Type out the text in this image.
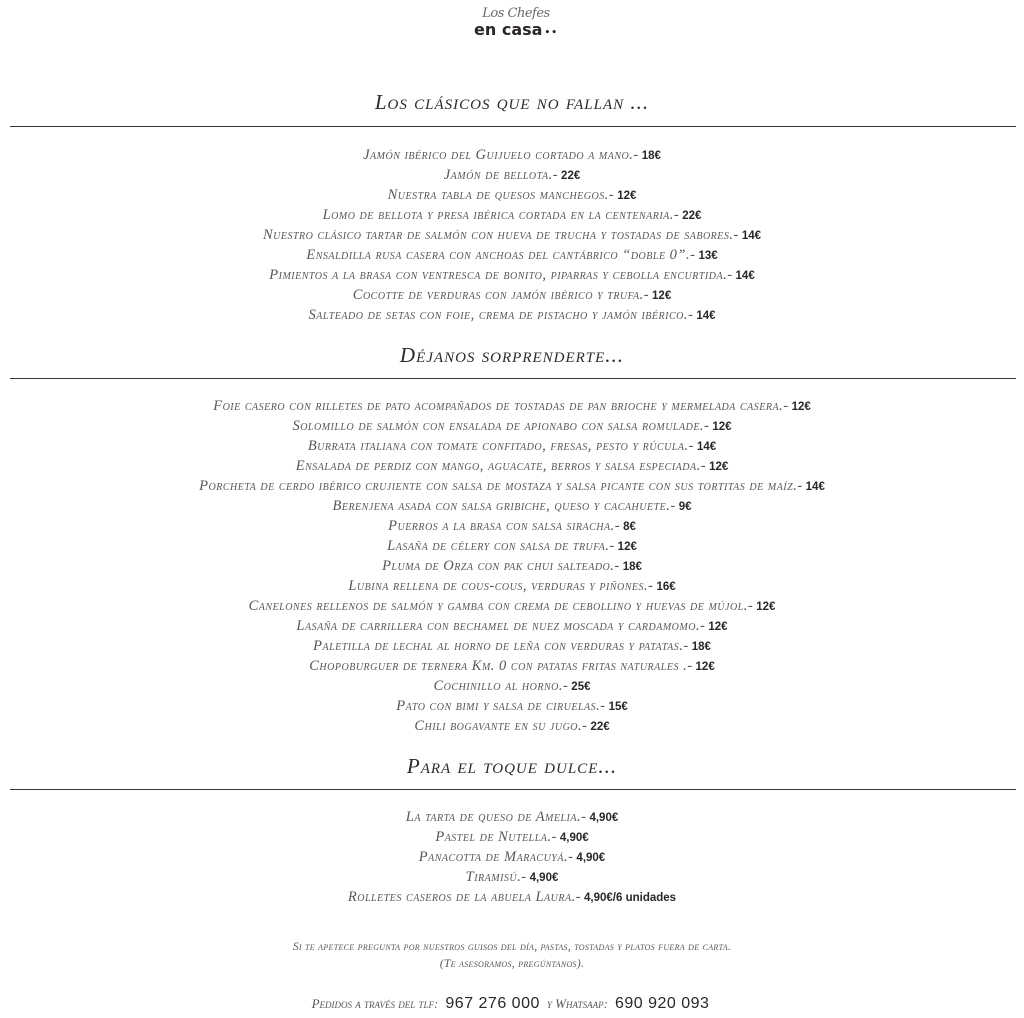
Los Chefes
en casa ••
Los clásicos que no fallan ...
Jamón ibérico del Guijuelo cortado a mano.- 18€
Jamón de bellota.- 22€
Nuestra tabla de quesos manchegos.- 12€
Lomo de bellota y presa ibérica cortada en la centenaria.- 22€
Nuestro clásico tartar de salmón con hueva de trucha y tostadas de sabores.- 14€
Ensaldilla rusa casera con anchoas del cantábrico “doble 0”.- 13€
Pimientos a la brasa con ventresca de bonito, piparras y cebolla encurtida.- 14€
Cocotte de verduras con jamón ibérico y trufa.- 12€
Salteado de setas con foie, crema de pistacho y jamón ibérico.- 14€
Déjanos sorprenderte...
Foie casero con rilletes de pato acompañados de tostadas de pan brioche y mermelada casera.- 12€
Solomillo de salmón con ensalada de apionabo con salsa romulade.- 12€
Burrata italiana con tomate confitado, fresas, pesto y rúcula.- 14€
Ensalada de perdiz con mango, aguacate, berros y salsa especiada.- 12€
Porcheta de cerdo ibérico crujiente con salsa de mostaza y salsa picante con sus tortitas de maíz.- 14€
Berenjena asada con salsa gribiche, queso y cacahuete.- 9€
Puerros a la brasa con salsa siracha.- 8€
Lasaña de célery con salsa de trufa.- 12€
Pluma de Orza con pak chui salteado.- 18€
Lubina rellena de cous-cous, verduras y piñones.- 16€
Canelones rellenos de salmón y gamba con crema de cebollino y huevas de mújol.- 12€
Lasaña de carrillera con bechamel de nuez moscada y cardamomo.- 12€
Paletilla de lechal al horno de leña con verduras y patatas.- 18€
Chopoburguer de ternera Km. 0 con patatas fritas naturales .- 12€
Cochinillo al horno.- 25€
Pato con bimi y salsa de ciruelas.- 15€
Chili bogavante en su jugo.- 22€
Para el toque dulce...
La tarta de queso de Amelia.- 4,90€
Pastel de Nutella.- 4,90€
Panacotta de Maracuyá.- 4,90€
Tiramisú.- 4,90€
Rolletes caseros de la abuela Laura.- 4,90€/6 unidades
Si te apetece pregunta por nuestros guisos del día, pastas, tostadas y platos fuera de carta.
(Te asesoramos, pregúntanos).
Pedidos a través del tlf: 967 276 000 y Whatsaap: 690 920 093
